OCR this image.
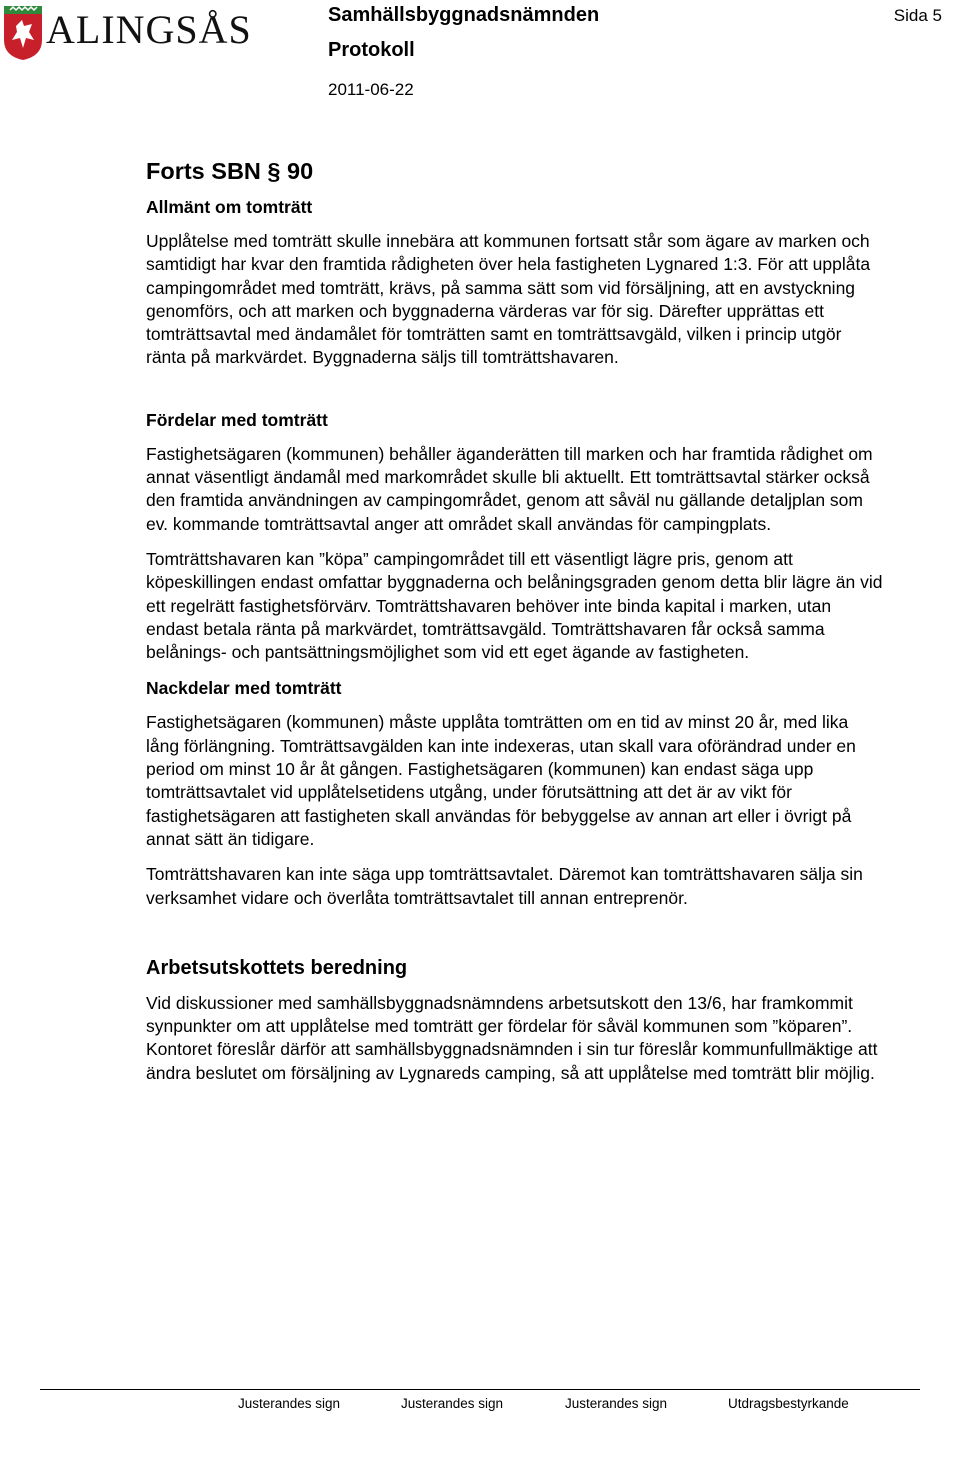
ALINGSÅS	Samhällsbyggnadsnämnden
Protokoll
2011-06-22
Sida 5
Forts SBN § 90
Allmänt om tomträtt

Upplåtelse med tomträtt skulle innebära att kommunen fortsatt står som ägare av marken och samtidigt har kvar den framtida rådigheten över hela fastigheten Lygnared 1:3. För att upplåta campingområdet med tomträtt, krävs, på samma sätt som vid försäljning, att en avstyckning genomförs, och att marken och byggnaderna värderas var för sig. Därefter upprättas ett tomträttsavtal med ändamålet för tomträtten samt en tomträttsavgäld, vilken i princip utgör ränta på markvärdet. Byggnaderna säljs till tomträttshavaren.

Fördelar med tomträtt

Fastighetsägaren (kommunen) behåller äganderätten till marken och har framtida rådighet om annat väsentligt ändamål med markområdet skulle bli aktuellt. Ett tomträttsavtal stärker också den framtida användningen av campingområdet, genom att såväl nu gällande detaljplan som ev. kommande tomträttsavtal anger att området skall användas för campingplats.

Tomträttshavaren kan ”köpa” campingområdet till ett väsentligt lägre pris, genom att köpeskillingen endast omfattar byggnaderna och belåningsgraden genom detta blir lägre än vid ett regelrätt fastighetsförvärv. Tomträttshavaren behöver inte binda kapital i marken, utan endast betala ränta på markvärdet, tomträttsavgäld. Tomträttshavaren får också samma belånings- och pantsättningsmöjlighet som vid ett eget ägande av fastigheten.

Nackdelar med tomträtt

Fastighetsägaren (kommunen) måste upplåta tomträtten om en tid av minst 20 år, med lika lång förlängning. Tomträttsavgälden kan inte indexeras, utan skall vara oförändrad under en period om minst 10 år åt gången. Fastighetsägaren (kommunen) kan endast säga upp tomträttsavtalet vid upplåtelsetidens utgång, under förutsättning att det är av vikt för fastighetsägaren att fastigheten skall användas för bebyggelse av annan art eller i övrigt på annat sätt än tidigare.

Tomträttshavaren kan inte säga upp tomträttsavtalet. Däremot kan tomträttshavaren sälja sin verksamhet vidare och överlåta tomträttsavtalet till annan entreprenör.

Arbetsutskottets beredning

Vid diskussioner med samhällsbyggnadsnämndens arbetsutskott den 13/6, har framkommit synpunkter om att upplåtelse med tomträtt ger fördelar för såväl kommunen som ”köparen”. Kontoret föreslår därför att samhällsbyggnadsnämnden i sin tur föreslår kommunfullmäktige att ändra beslutet om försäljning av Lygnareds camping, så att upplåtelse med tomträtt blir möjlig.

Justerandes sign	Justerandes sign	Justerandes sign	Utdragsbestyrkande
